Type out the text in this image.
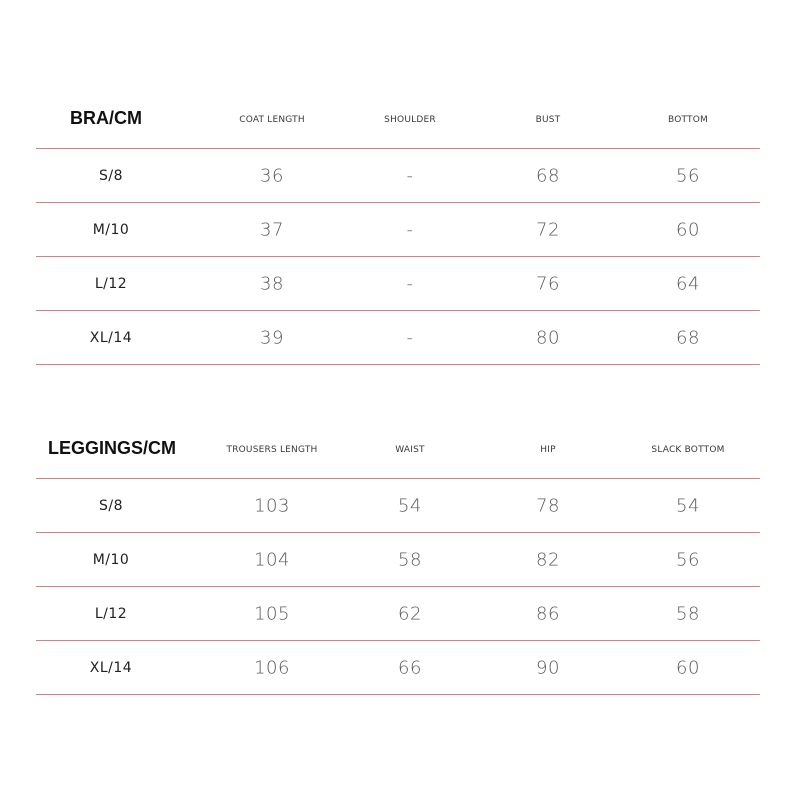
BRA/CM	COAT LENGTH	SHOULDER	BUST	BOTTOM
S/8	36	-	68	56
M/10	37	-	72	60
L/12	38	-	76	64
XL/14	39	-	80	68
LEGGINGS/CM	TROUSERS LENGTH	WAIST	HIP	SLACK BOTTOM
S/8	103	54	78	54
M/10	104	58	82	56
L/12	105	62	86	58
XL/14	106	66	90	60
